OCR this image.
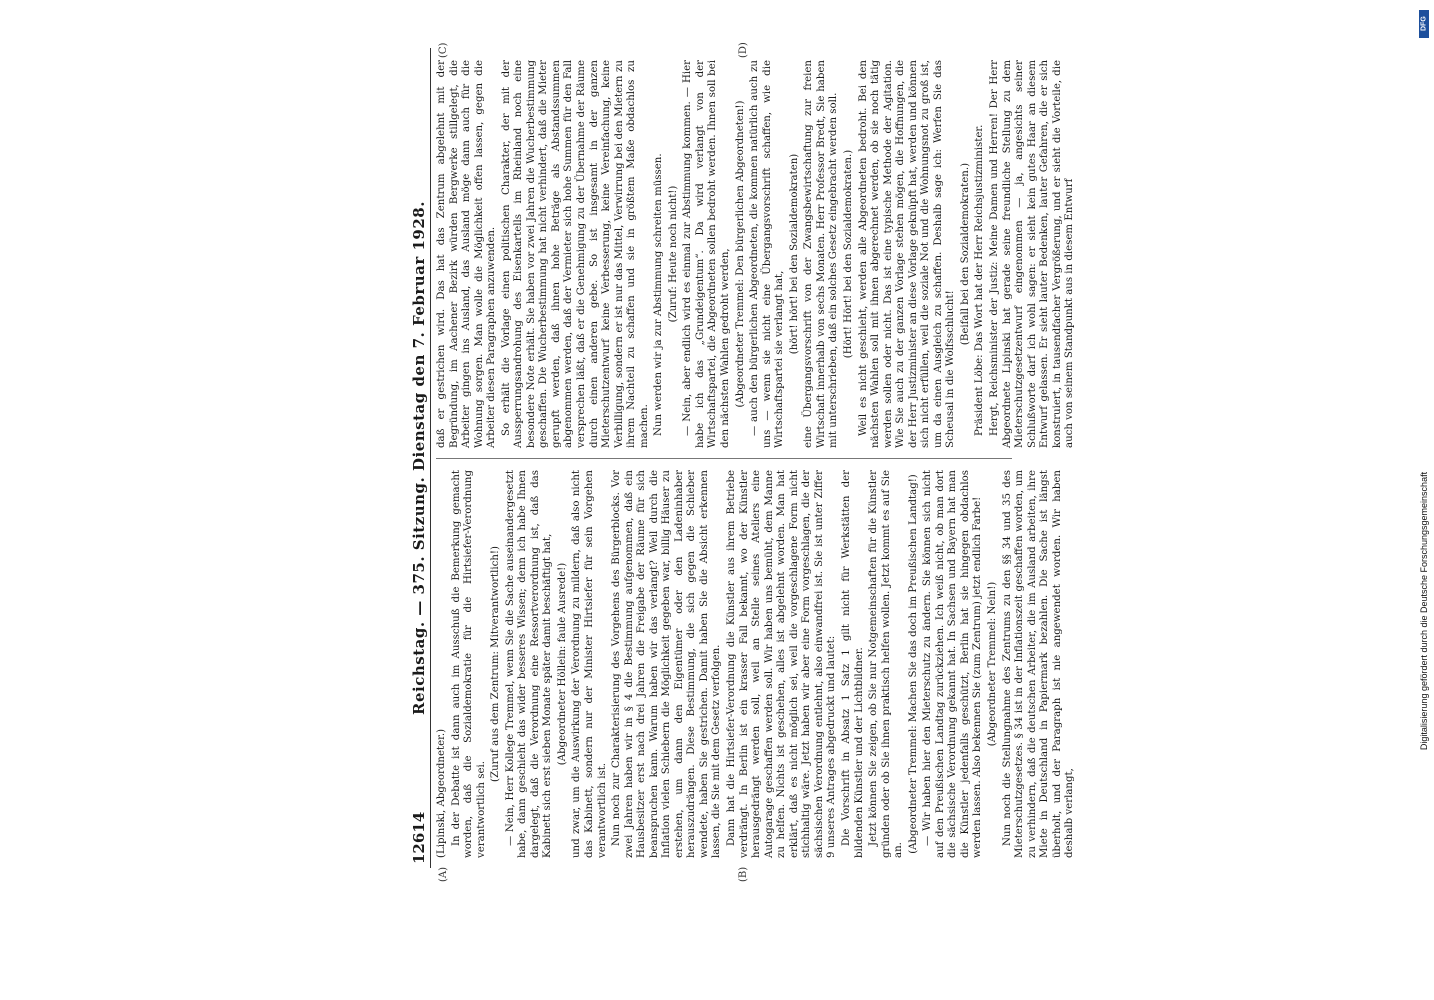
12614
Reichstag. — 375. Sitzung. Dienstag den 7. Februar 1928.
(A)	(B)
(C)	(D)

(Lipinski, Abgeordneter.) In der Debatte ist dann auch im Ausschuß die Bemerkung gemacht worden, daß die Sozialdemokratie für die Hirtsiefer-Verordnung verantwortlich sei.

(Zuruf aus dem Zentrum: Mitverantwortlich!) — Nein, Herr Kollege Tremmel, wenn Sie die Sache auseinandergesetzt habe, dann geschieht das wider besseres Wissen; denn ich habe Ihnen dargelegt, daß die Verordnung eine Ressortverordnung ist, daß das Kabinett sich erst sieben Monate später damit beschäftigt hat, (Abgeordneter Höllein: faule Ausrede!) und zwar, um die Auswirkung der Verordnung zu mildern, daß also nicht das Kabinett, sondern nur der Minister Hirtsiefer für sein Vorgehen verantwortlich ist. Nun noch zur Charakterisierung des Vorgehens des Bürgerblocks. Vor zwei Jahren haben wir in § 4 die Bestimmung aufgenommen, daß ein Hausbesitzer erst nach drei Jahren die Freigabe der Räume für sich beanspruchen kann. Warum haben wir das verlangt? Weil durch die Inflation vielen Schiebern die Möglichkeit gegeben war, billig Häuser zu erstehen, um dann den Eigentümer oder den Ladeninhaber herauszudrängen. Diese Bestimmung, die sich gegen die Schieber wendete, haben Sie gestrichen. Damit haben Sie die Absicht erkennen lassen, die Sie mit dem Gesetz verfolgen. Dann hat die Hirtsiefer-Verordnung die Künstler aus ihrem Betriebe verdrängt. In Berlin ist ein krasser Fall bekannt, wo der Künstler herausgedrängt werden soll, weil an Stelle seines Ateliers eine Autogarage geschaffen werden soll. Wir haben uns bemüht, dem Manne zu helfen. Nichts ist geschehen, alles ist abgelehnt worden. Man hat erklärt, daß es nicht möglich sei, weil die vorgeschlagene Form nicht stichhaltig wäre. Jetzt haben wir aber eine Form vorgeschlagen, die der sächsischen Verordnung entlehnt, also einwandfrei ist. Sie ist unter Ziffer 9 unseres Antrages abgedruckt und lautet: Die Vorschrift in Absatz 1 Satz 1 gilt nicht für Werkstätten der bildenden Künstler und der Lichtbildner. Jetzt können Sie zeigen, ob Sie nur Notgemeinschaften für die Künstler gründen oder ob Sie ihnen praktisch helfen wollen. Jetzt kommt es auf Sie an. (Abgeordneter Tremmel: Machen Sie das doch im Preußischen Landtag!) — Wir haben hier den Mieterschutz zu ändern. Sie können sich nicht auf den Preußischen Landtag zurückziehen. Ich weiß nicht, ob man dort die sächsische Verordnung gekannt hat. In Sachsen und Bayern hat man die Künstler jedenfalls geschützt, Berlin hat sie hingegen obdachlos werden lassen. Also bekennen Sie (zum Zentrum) jetzt endlich Farbe! (Abgeordneter Tremmel: Nein!) Nun noch die Stellungnahme des Zentrums zu den §§ 34 und 35 des Mieterschutzgesetzes. § 34 ist in der Inflationszeit geschaffen worden, um zu verhindern, daß die deutschen Arbeiter, die im Ausland arbeiten, ihre Miete in Deutschland in Papiermark bezahlen. Die Sache ist längst überholt, und der Paragraph ist nie angewendet worden. Wir haben deshalb verlangt,

daß er gestrichen wird. Das hat das Zentrum abgelehnt mit der Begründung, im Aachener Bezirk würden Bergwerke stillgelegt, die Arbeiter gingen ins Ausland, das Ausland möge dann auch für die Wohnung sorgen. Man wolle die Möglichkeit offen lassen, gegen die Arbeiter diesen Paragraphen anzuwenden. So erhält die Vorlage einen politischen Charakter, der mit der Aussperrungsandrohung des Eisenkartells im Rheinland noch eine besondere Note erhält. Sie haben vor zwei Jahren die Wucherbestimmung geschaffen. Die Wucherbestimmung hat nicht verhindert, daß die Mieter gerupft werden, daß ihnen hohe Beträge als Abstandssummen abgenommen werden, daß der Vermieter sich hohe Summen für den Fall versprechen läßt, daß er die Genehmigung zu der Übernahme der Räume durch einen anderen gebe. So ist insgesamt in der ganzen Mieterschutzentwurf keine Verbesserung, keine Vereinfachung, keine Verbilligung, sondern er ist nur das Mittel, Verwirrung bei den Mietern zu ihrem Nachteil zu schaffen und sie in größtem Maße obdachlos zu machen. Nun werden wir ja zur Abstimmung schreiten müssen. (Zuruf: Heute noch nicht!) — Nein, aber endlich wird es einmal zur Abstimmung kommen. — Hier habe ich das „Grundeigentum“. Da wird verlangt von der Wirtschaftspartei, die Abgeordneten sollen bedroht werden. Ihnen soll bei den nächsten Wahlen gedroht werden, (Abgeordneter Tremmel: Den bürgerlichen Abgeordneten!) — auch den bürgerlichen Abgeordneten, die kommen natürlich auch zu uns — wenn sie nicht eine Übergangsvorschrift schaffen, wie die Wirtschaftspartei sie verlangt hat,

(hört! hört! bei den Sozialdemokraten) eine Übergangsvorschrift von der Zwangsbewirtschaftung zur freien Wirtschaft innerhalb von sechs Monaten. Herr Professor Bredt, Sie haben mit unterschrieben, daß ein solches Gesetz eingebracht werden soll. (Hört! Hört! bei den Sozialdemokraten.) Weil es nicht geschieht, werden alle Abgeordneten bedroht. Bei den nächsten Wahlen soll mit ihnen abgerechnet werden, ob sie noch tätig werden sollen oder nicht. Das ist eine typische Methode der Agitation. Wie Sie auch zu der ganzen Vorlage stehen mögen, die Hoffnungen, die der Herr Justizminister an diese Vorlage geknüpft hat, werden und können sich nicht erfüllen, weil die soziale Not und die Wohnungsnot zu groß ist, um da einen Ausgleich zu schaffen. Deshalb sage ich: Werfen Sie das Scheusal in die Wolfsschlucht!

(Beifall bei den Sozialdemokraten.) Präsident Löbe: Das Wort hat der Herr Reichsjustizminister. Hergt, Reichsminister der Justiz: Meine Damen und Herren! Der Herr Abgeordnete Lipinski hat gerade seine freundliche Stellung zu dem Mieterschutzgesetzentwurf eingenommen — ja, angesichts seiner Schlußworte darf ich wohl sagen: er sieht kein gutes Haar an diesem Entwurf gelassen. Er sieht lauter Bedenken, lauter Gefahren, die er sich konstruiert, in tausendfacher Vergrößerung, und er sieht die Vorteile, die auch von seinem Standpunkt aus in diesem Entwurf

DFG
Digitalisierung gefördert durch die Deutsche Forschungsgemeinschaft
